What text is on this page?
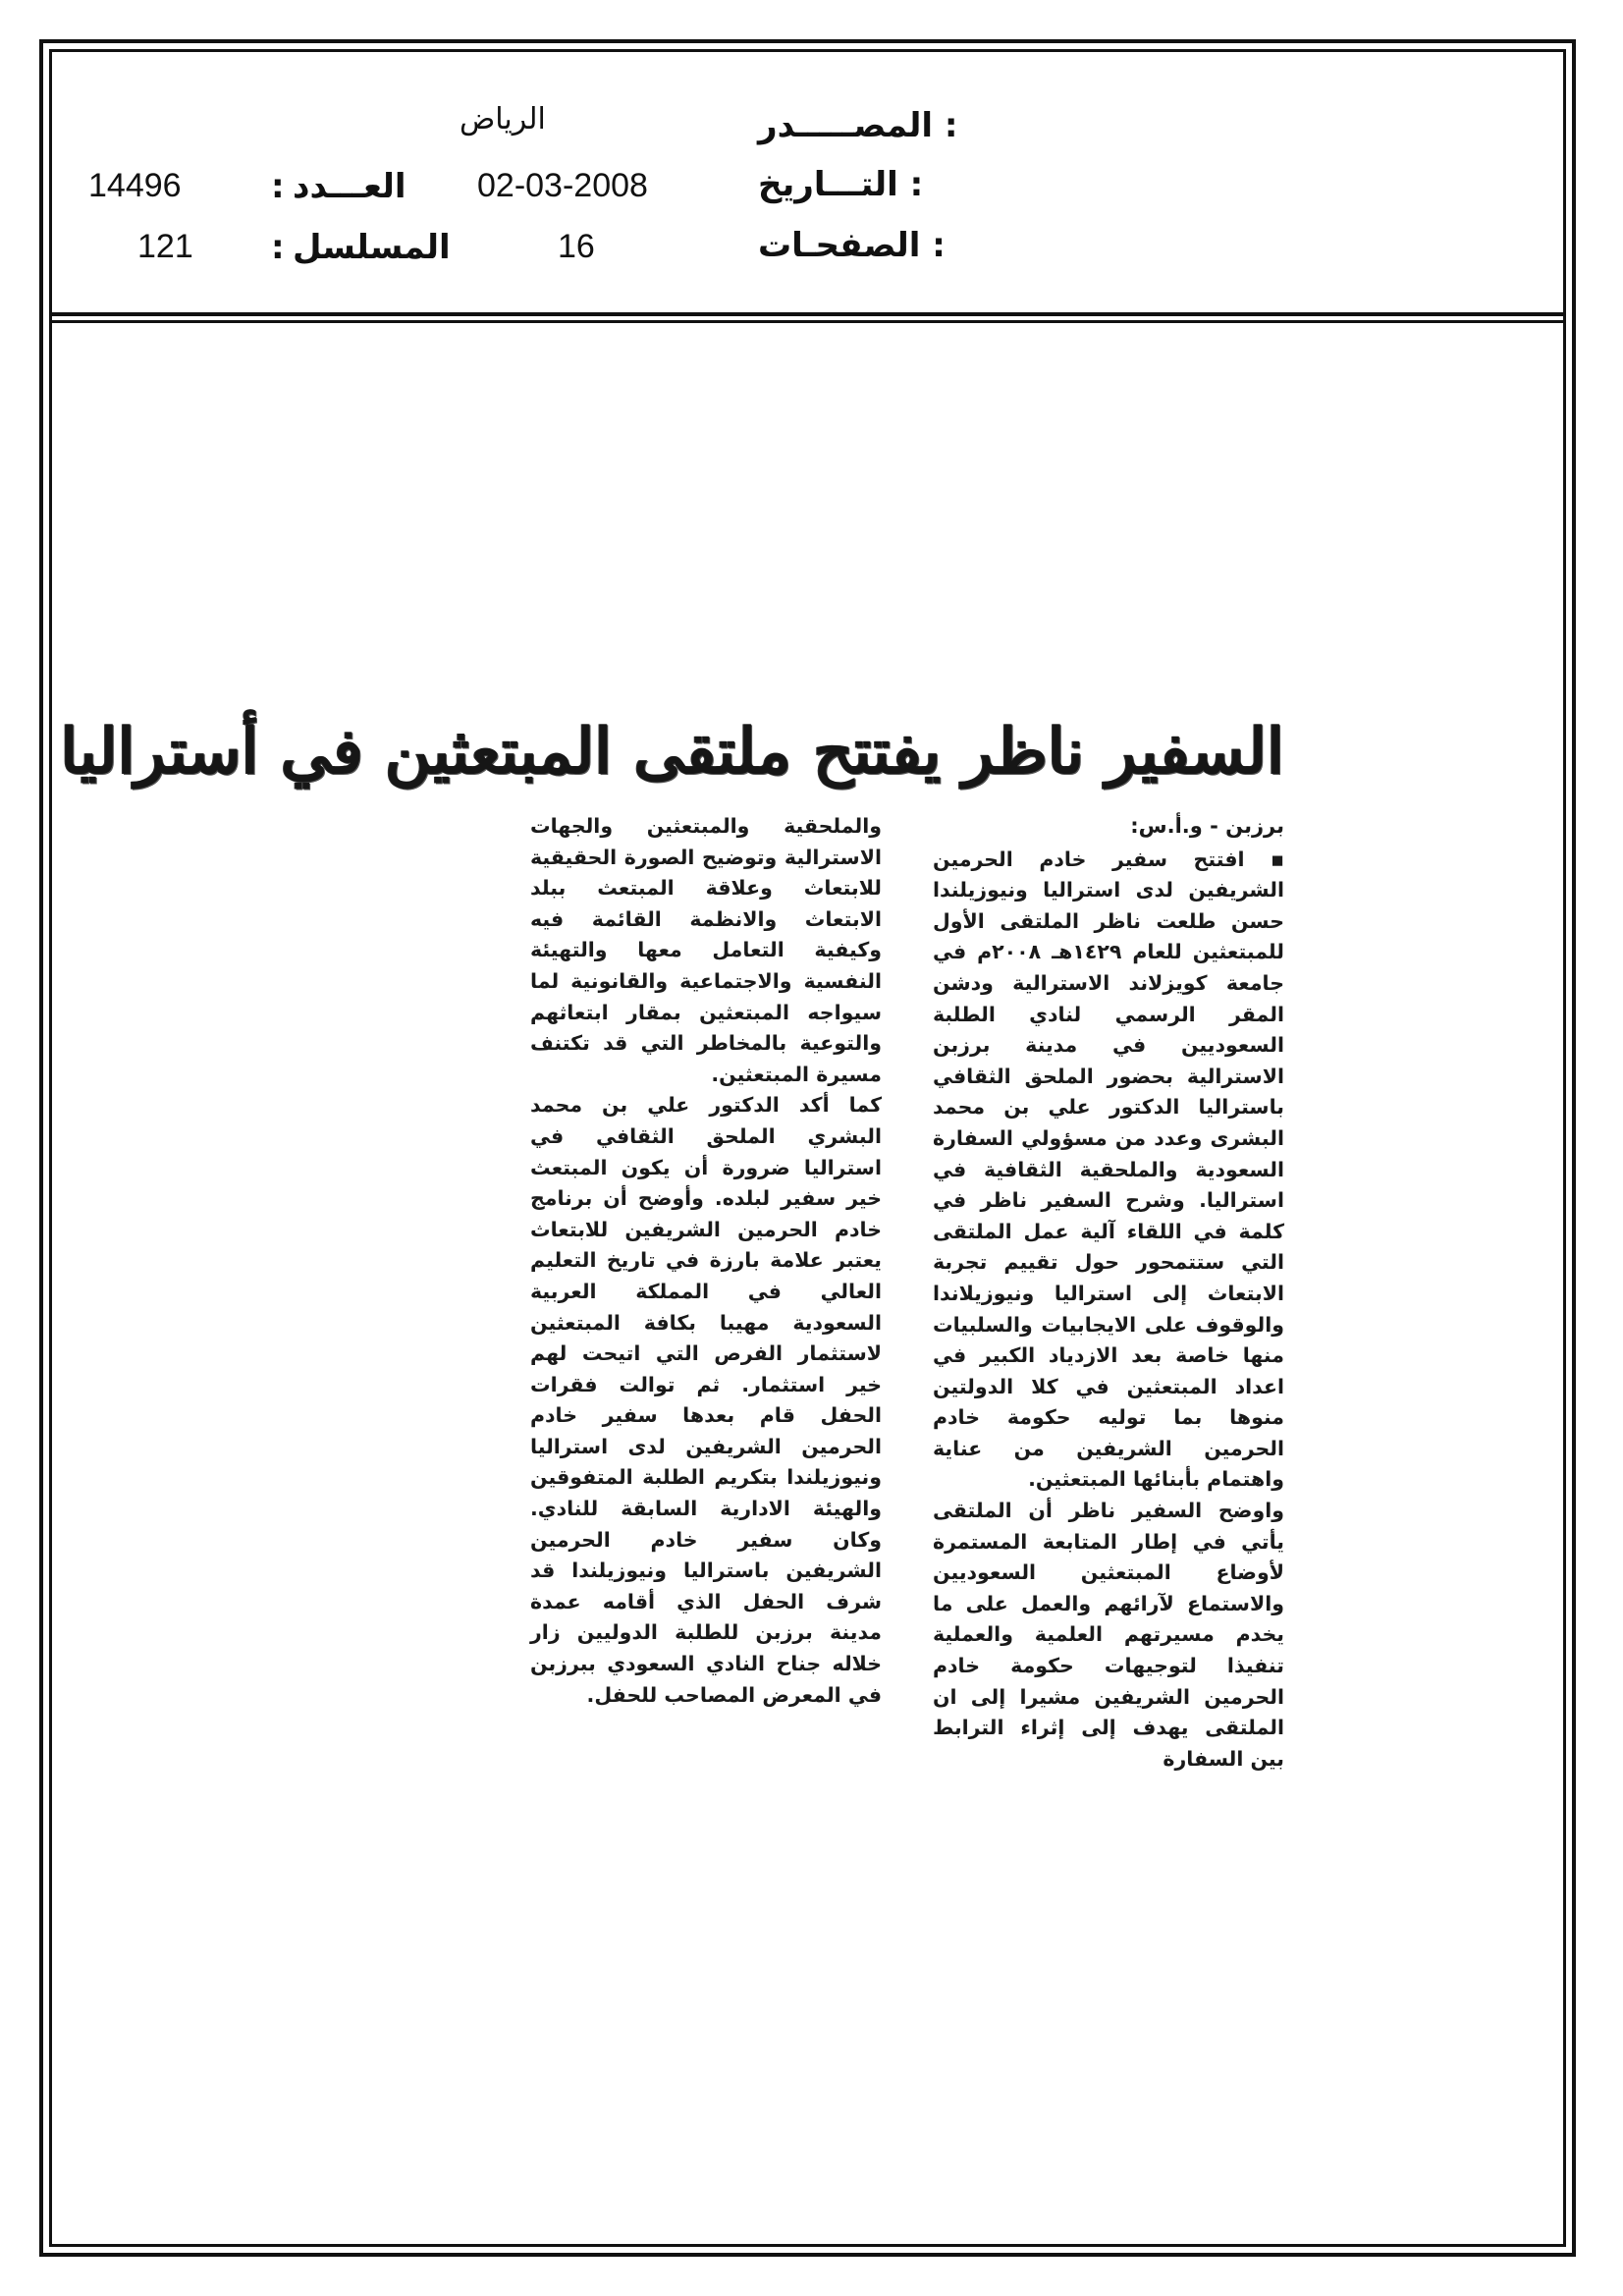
المصـــــدر :
الرياض
التـــاريخ :
02-03-2008
العـــدد
:
14496
الصفحـات :
16
المسلسل
:
121
السفير ناظر يفتتح ملتقى المبتعثين في أستراليا
برزبن - و.أ.س:
▪ افتتح سفير خادم الحرمين الشريفين لدى استراليا ونيوزيلندا حسن طلعت ناظر الملتقى الأول للمبتعثين للعام ١٤٢٩هـ ٢٠٠٨م في جامعة كويزلاند الاسترالية ودشن المقر الرسمي لنادي الطلبة السعوديين في مدينة برزبن الاسترالية بحضور الملحق الثقافي باستراليا الدكتور علي بن محمد البشرى وعدد من مسؤولي السفارة السعودية والملحقية الثقافية في استراليا. وشرح السفير ناظر في كلمة في اللقاء آلية عمل الملتقى التي ستتمحور حول تقييم تجربة الابتعاث إلى استراليا ونيوزيلاندا والوقوف على الايجابيات والسلبيات منها خاصة بعد الازدياد الكبير في اعداد المبتعثين في كلا الدولتين منوها بما توليه حكومة خادم الحرمين الشريفين من عناية واهتمام بأبنائها المبتعثين.
واوضح السفير ناظر أن الملتقى يأتي في إطار المتابعة المستمرة لأوضاع المبتعثين السعوديين والاستماع لآرائهم والعمل على ما يخدم مسيرتهم العلمية والعملية تنفيذا لتوجيهات حكومة خادم الحرمين الشريفين مشيرا إلى ان الملتقى يهدف إلى إثراء الترابط بين السفارة
والملحقية والمبتعثين والجهات الاسترالية وتوضيح الصورة الحقيقية للابتعاث وعلاقة المبتعث ببلد الابتعاث والانظمة القائمة فيه وكيفية التعامل معها والتهيئة النفسية والاجتماعية والقانونية لما سيواجه المبتعثين بمقار ابتعاثهم والتوعية بالمخاطر التي قد تكتنف مسيرة المبتعثين.
كما أكد الدكتور علي بن محمد البشري الملحق الثقافي في استراليا ضرورة أن يكون المبتعث خير سفير لبلده. وأوضح أن برنامج خادم الحرمين الشريفين للابتعاث يعتبر علامة بارزة في تاريخ التعليم العالي في المملكة العربية السعودية مهيبا بكافة المبتعثين لاستثمار الفرص التي اتيحت لهم خير استثمار. ثم توالت فقرات الحفل قام بعدها سفير خادم الحرمين الشريفين لدى استراليا ونيوزيلندا بتكريم الطلبة المتفوقين والهيئة الادارية السابقة للنادي. وكان سفير خادم الحرمين الشريفين باستراليا ونيوزيلندا قد شرف الحفل الذي أقامه عمدة مدينة برزبن للطلبة الدوليين زار خلاله جناح النادي السعودي ببرزبن في المعرض المصاحب للحفل.
